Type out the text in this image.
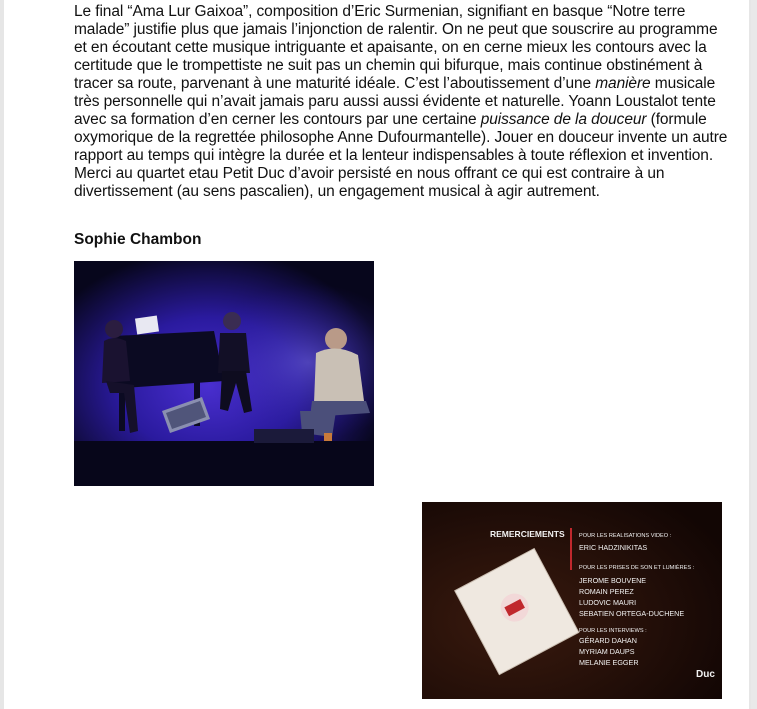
Le final “Ama Lur Gaixoa”, composition d’Eric Surmenian, signifiant en basque “Notre terre malade” justifie plus que jamais l’injonction de ralentir. On ne peut que souscrire au programme et en écoutant cette musique intriguante et apaisante, on en cerne mieux les contours avec la certitude que le trompettiste ne suit pas un chemin qui bifurque, mais continue obstinément à tracer sa route, parvenant à une maturité idéale. C’est l’aboutissement d’une manière musicale très personnelle qui n’avait jamais paru aussi aussi évidente et naturelle. Yoann Loustalot tente avec sa formation d’en cerner les contours par une certaine puissance de la douceur (formule oxymorique de la regrettée philosophe Anne Dufourmantelle). Jouer en douceur invente un autre rapport au temps qui intègre la durée et la lenteur indispensables à toute réflexion et invention. Merci au quartet etau Petit Duc d’avoir persisté en nous offrant ce qui est contraire à un divertissement (au sens pascalien), un engagement musical à agir autrement.

Sophie Chambon
REMERCIEMENTS	POUR LES REALISATIONS VIDEO :
ERIC HADZINIKITAS
POUR LES PRISES DE SON ET LUMIÈRES :
JEROME BOUVENE
ROMAIN PEREZ
LUDOVIC MAURI
SEBATIEN ORTEGA-DUCHENE
POUR LES INTERVIEWS :
GÉRARD DAHAN
MYRIAM DAUPS
MELANIE EGGER
Duc
